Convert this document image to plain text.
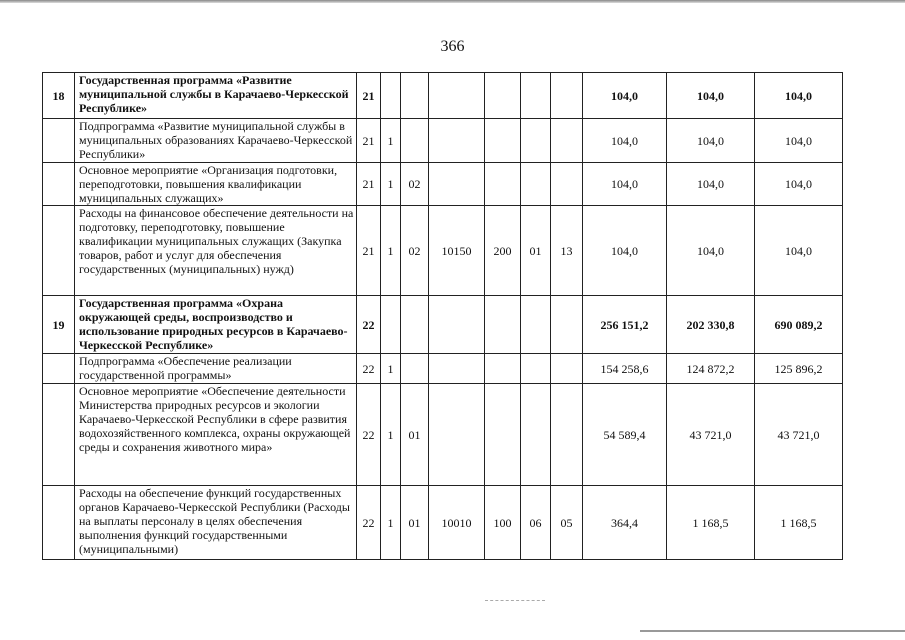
366
18	Государственная программа «Развитие муниципальной службы в Карачаево-Черкесской Республике»	21							104,0	104,0	104,0
	Подпрограмма «Развитие муниципальной службы в муниципальных образованиях Карачаево-Черкесской Республики»	21	1						104,0	104,0	104,0
	Основное мероприятие «Организация подготовки, переподготовки, повышения квалификации муниципальных служащих»	21	1	02					104,0	104,0	104,0
	Расходы на финансовое обеспечение деятельности на подготовку, переподготовку, повышение квалификации муниципальных служащих (Закупка товаров, работ и услуг для обеспечения государственных (муниципальных) нужд)	21	1	02	10150	200	01	13	104,0	104,0	104,0
19	Государственная программа «Охрана окружающей среды, воспроизводство и использование природных ресурсов в Карачаево-Черкесской Республике»	22							256 151,2	202 330,8	690 089,2
	Подпрограмма «Обеспечение реализации государственной программы»	22	1						154 258,6	124 872,2	125 896,2
	Основное мероприятие «Обеспечение деятельности Министерства природных ресурсов и экологии Карачаево-Черкесской Республики в сфере развития водохозяйственного комплекса, охраны окружающей среды и сохранения животного мира»	22	1	01					54 589,4	43 721,0	43 721,0
	Расходы на обеспечение функций государственных органов Карачаево-Черкесской Республики (Расходы на выплаты персоналу в целях обеспечения выполнения функций государственными (муниципальными)	22	1	01	10010	100	06	05	364,4	1 168,5	1 168,5
